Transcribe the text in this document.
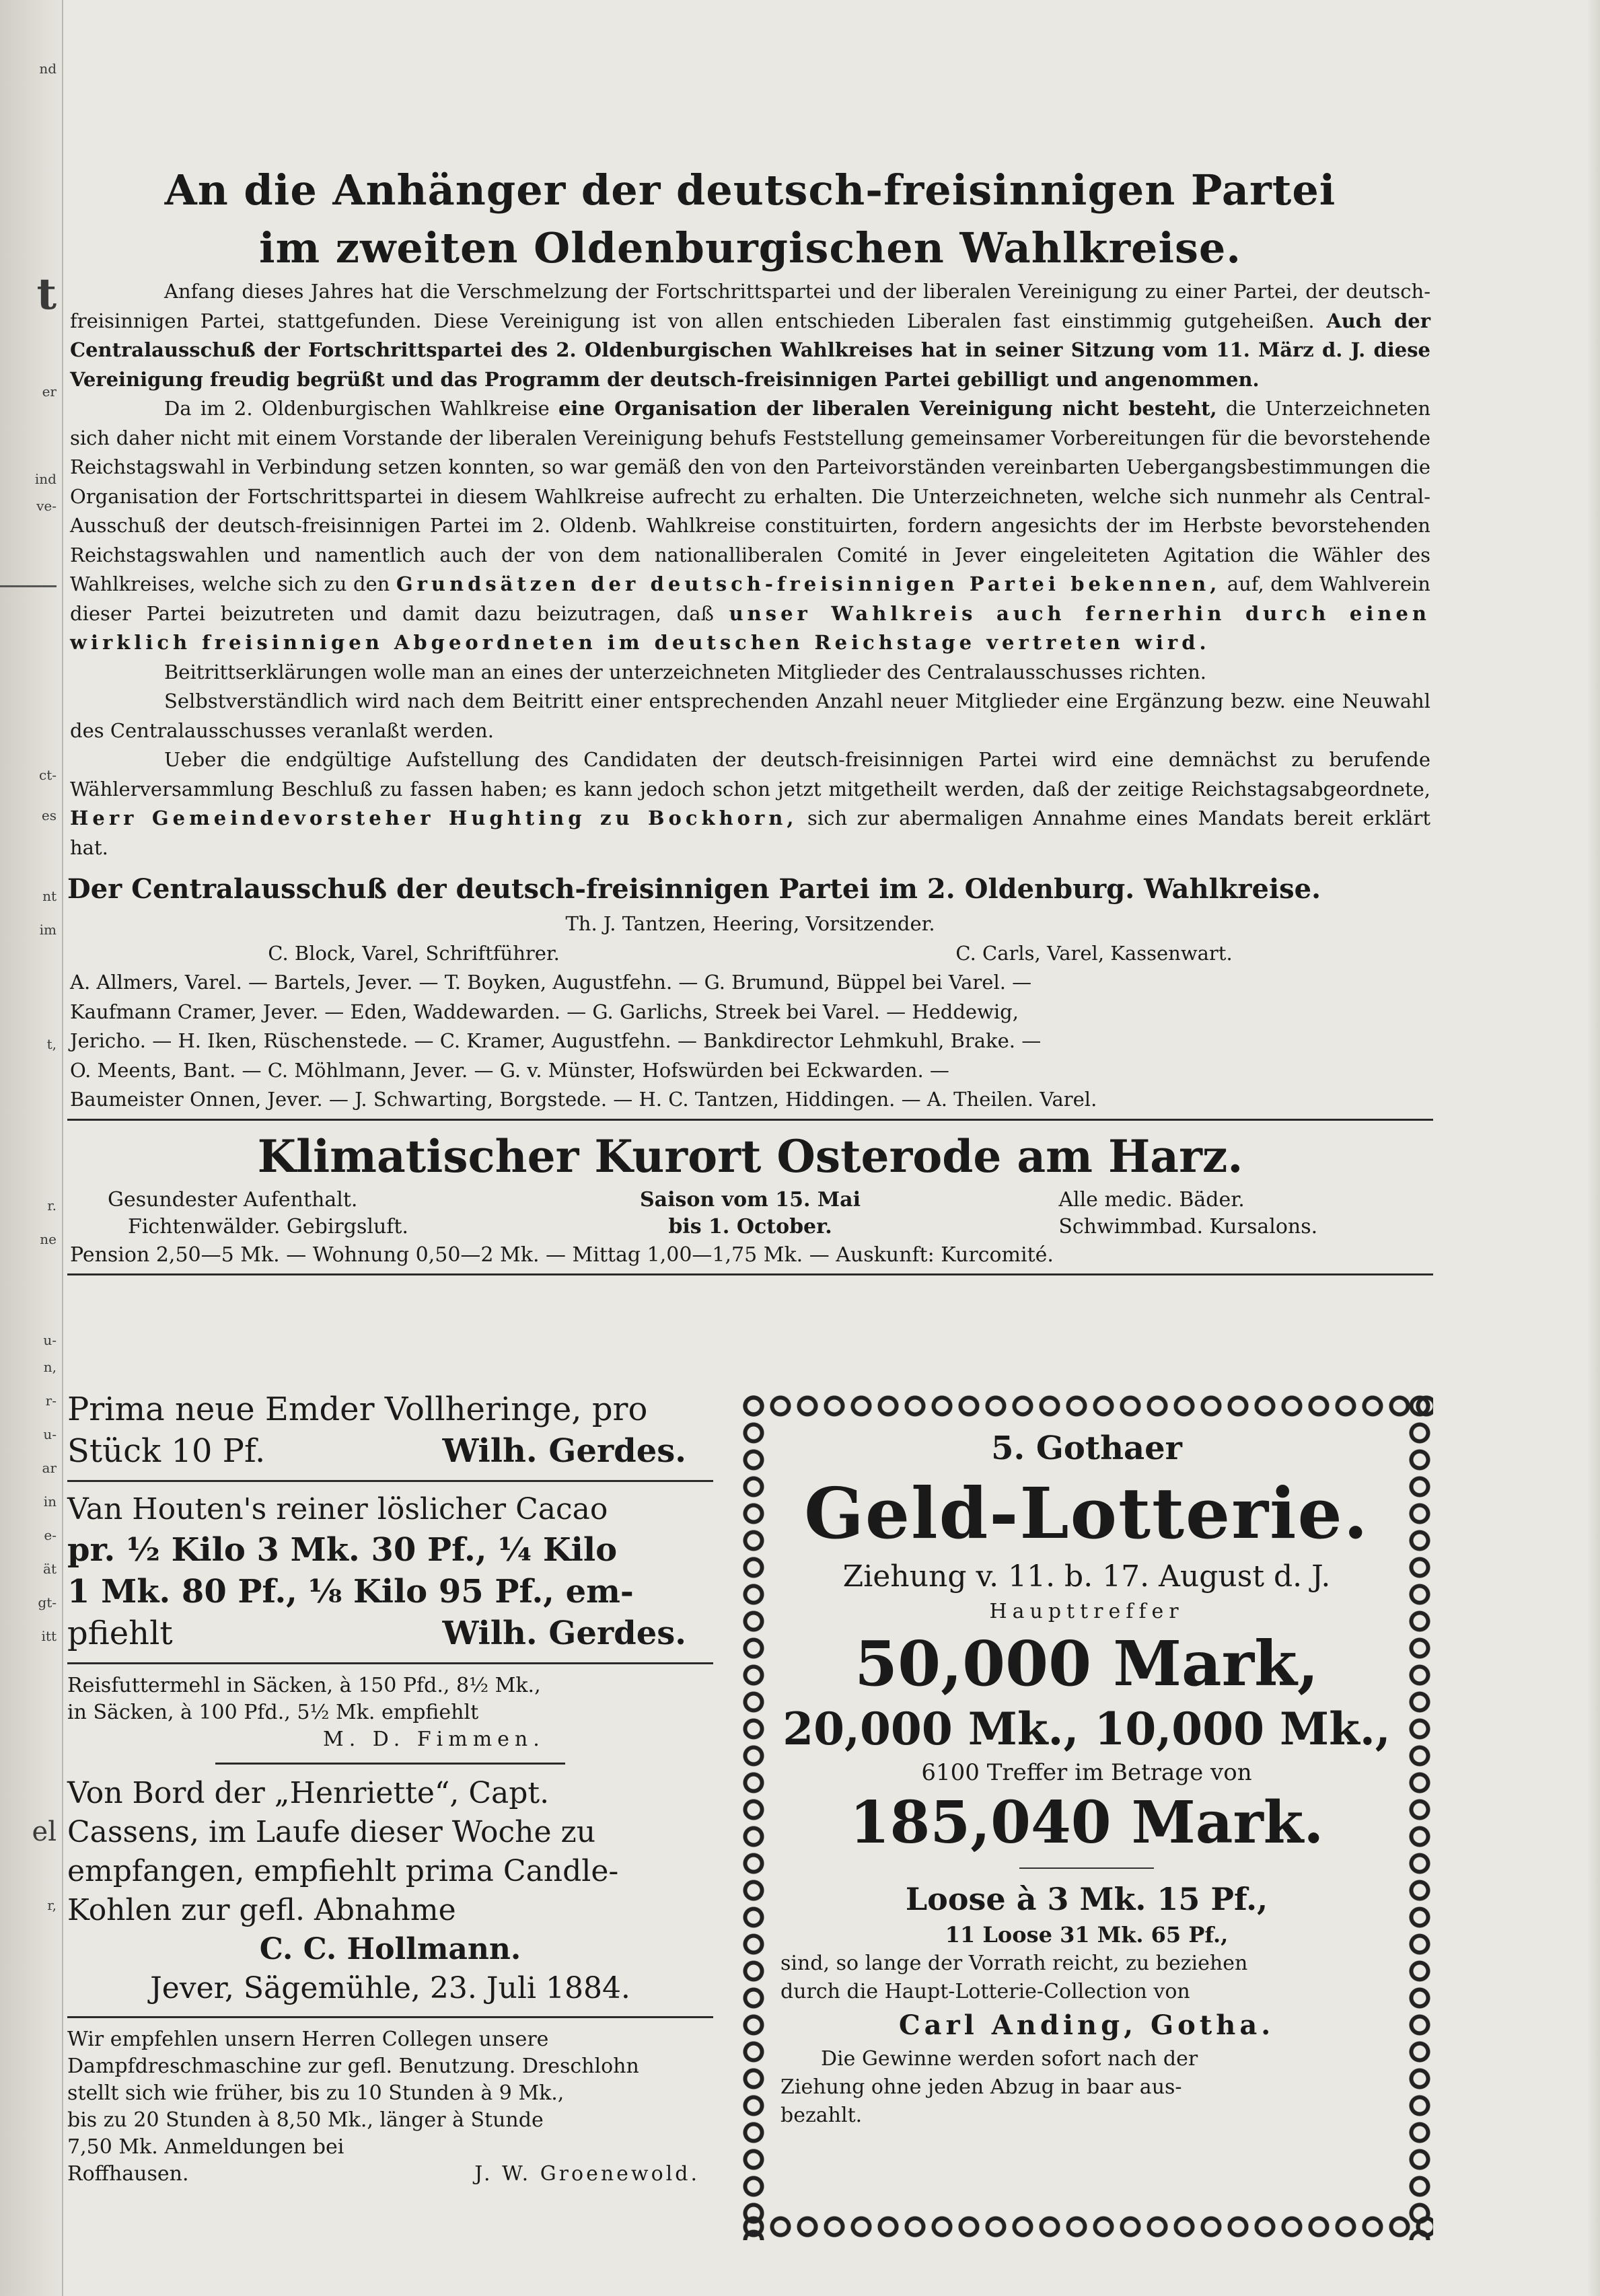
nd
t
er
ind
ve-
ct-
es
nt
im
t,
r.
ne
u-
n,
r-
u-
ar
in
e-
ät
gt-
itt
el
r,
An die Anhänger der deutsch-freisinnigen Partei
im zweiten Oldenburgischen Wahlkreise.

Anfang dieses Jahres hat die Verschmelzung der Fortschrittspartei und der liberalen Vereinigung zu einer Partei, der deutsch-freisinnigen Partei, stattgefunden. Diese Vereinigung ist von allen entschieden Liberalen fast einstimmig gutgeheißen. Auch der Centralausschuß der Fortschrittspartei des 2. Oldenburgischen Wahlkreises hat in seiner Sitzung vom 11. März d. J. diese Vereinigung freudig begrüßt und das Programm der deutsch-freisinnigen Partei gebilligt und angenommen.

Da im 2. Oldenburgischen Wahlkreise eine Organisation der liberalen Vereinigung nicht besteht, die Unterzeichneten sich daher nicht mit einem Vorstande der liberalen Vereinigung behufs Feststellung gemeinsamer Vorbereitungen für die bevorstehende Reichstagswahl in Verbindung setzen konnten, so war gemäß den von den Parteivorständen vereinbarten Uebergangsbestimmungen die Organisation der Fortschrittspartei in diesem Wahlkreise aufrecht zu erhalten. Die Unterzeichneten, welche sich nunmehr als Central-Ausschuß der deutsch-freisinnigen Partei im 2. Oldenb. Wahlkreise constituirten, fordern angesichts der im Herbste bevorstehenden Reichstagswahlen und namentlich auch der von dem nationalliberalen Comité in Jever eingeleiteten Agitation die Wähler des Wahlkreises, welche sich zu den Grundsätzen der deutsch-freisinnigen Partei bekennen, auf, dem Wahlverein dieser Partei beizutreten und damit dazu beizutragen, daß unser Wahlkreis auch fernerhin durch einen wirklich freisinnigen Abgeordneten im deutschen Reichstage vertreten wird.

Beitrittserklärungen wolle man an eines der unterzeichneten Mitglieder des Centralausschusses richten.

Selbstverständlich wird nach dem Beitritt einer entsprechenden Anzahl neuer Mitglieder eine Ergänzung bezw. eine Neuwahl des Centralausschusses veranlaßt werden.

Ueber die endgültige Aufstellung des Candidaten der deutsch-freisinnigen Partei wird eine demnächst zu berufende Wählerversammlung Beschluß zu fassen haben; es kann jedoch schon jetzt mitgetheilt werden, daß der zeitige Reichstagsabgeordnete, Herr Gemeindevorsteher Hughting zu Bockhorn, sich zur abermaligen Annahme eines Mandats bereit erklärt hat.

Der Centralausschuß der deutsch-freisinnigen Partei im 2. Oldenburg. Wahlkreise.
Th. J. Tantzen, Heering, Vorsitzender.
C. Block, Varel, Schriftführer.	C. Carls, Varel, Kassenwart.
A. Allmers, Varel. — Bartels, Jever. — T. Boyken, Augustfehn. — G. Brumund, Büppel bei Varel. —
Kaufmann Cramer, Jever. — Eden, Waddewarden. — G. Garlichs, Streek bei Varel. — Heddewig,
Jericho. — H. Iken, Rüschenstede. — C. Kramer, Augustfehn. — Bankdirector Lehmkuhl, Brake. —
O. Meents, Bant. — C. Möhlmann, Jever. — G. v. Münster, Hofswürden bei Eckwarden. —
Baumeister Onnen, Jever. — J. Schwarting, Borgstede. — H. C. Tantzen, Hiddingen. — A. Theilen. Varel.
Klimatischer Kurort Osterode am Harz.
Gesundester Aufenthalt.	Saison vom 15. Mai	Alle medic. Bäder.
Fichtenwälder. Gebirgsluft.	bis 1. October.	Schwimmbad. Kursalons.
Pension 2,50—5 Mk. — Wohnung 0,50—2 Mk. — Mittag 1,00—1,75 Mk. — Auskunft: Kurcomité.
Prima neue Emder Vollheringe, pro
Stück 10 Pf.	Wilh. Gerdes.
Van Houten's reiner löslicher Cacao
pr. ½ Kilo 3 Mk. 30 Pf., ¼ Kilo
1 Mk. 80 Pf., ⅛ Kilo 95 Pf., em-
pfiehlt	Wilh. Gerdes.
Reisfuttermehl in Säcken, à 150 Pfd., 8½ Mk.,
in Säcken, à 100 Pfd., 5½ Mk. empfiehlt
M. D. Fimmen.
Von Bord der „Henriette“, Capt.
Cassens, im Laufe dieser Woche zu
empfangen, empfiehlt prima Candle-
Kohlen zur gefl. Abnahme
C. C. Hollmann.
Jever, Sägemühle, 23. Juli 1884.
Wir empfehlen unsern Herren Collegen unsere
Dampfdreschmaschine zur gefl. Benutzung. Dreschlohn
stellt sich wie früher, bis zu 10 Stunden à 9 Mk.,
bis zu 20 Stunden à 8,50 Mk., länger à Stunde
7,50 Mk. Anmeldungen bei
Roffhausen.	J. W. Groenewold.
5. Gothaer
Geld-Lotterie.
Ziehung v. 11. b. 17. August d. J.
Haupttreffer
50,000 Mark,
20,000 Mk., 10,000 Mk.,
6100 Treffer im Betrage von
185,040 Mark.
Loose à 3 Mk. 15 Pf.,
11 Loose 31 Mk. 65 Pf.,
sind, so lange der Vorrath reicht, zu beziehen
durch die Haupt-Lotterie-Collection von
Carl Anding, Gotha.
Die Gewinne werden sofort nach der
Ziehung ohne jeden Abzug in baar aus-
bezahlt.
